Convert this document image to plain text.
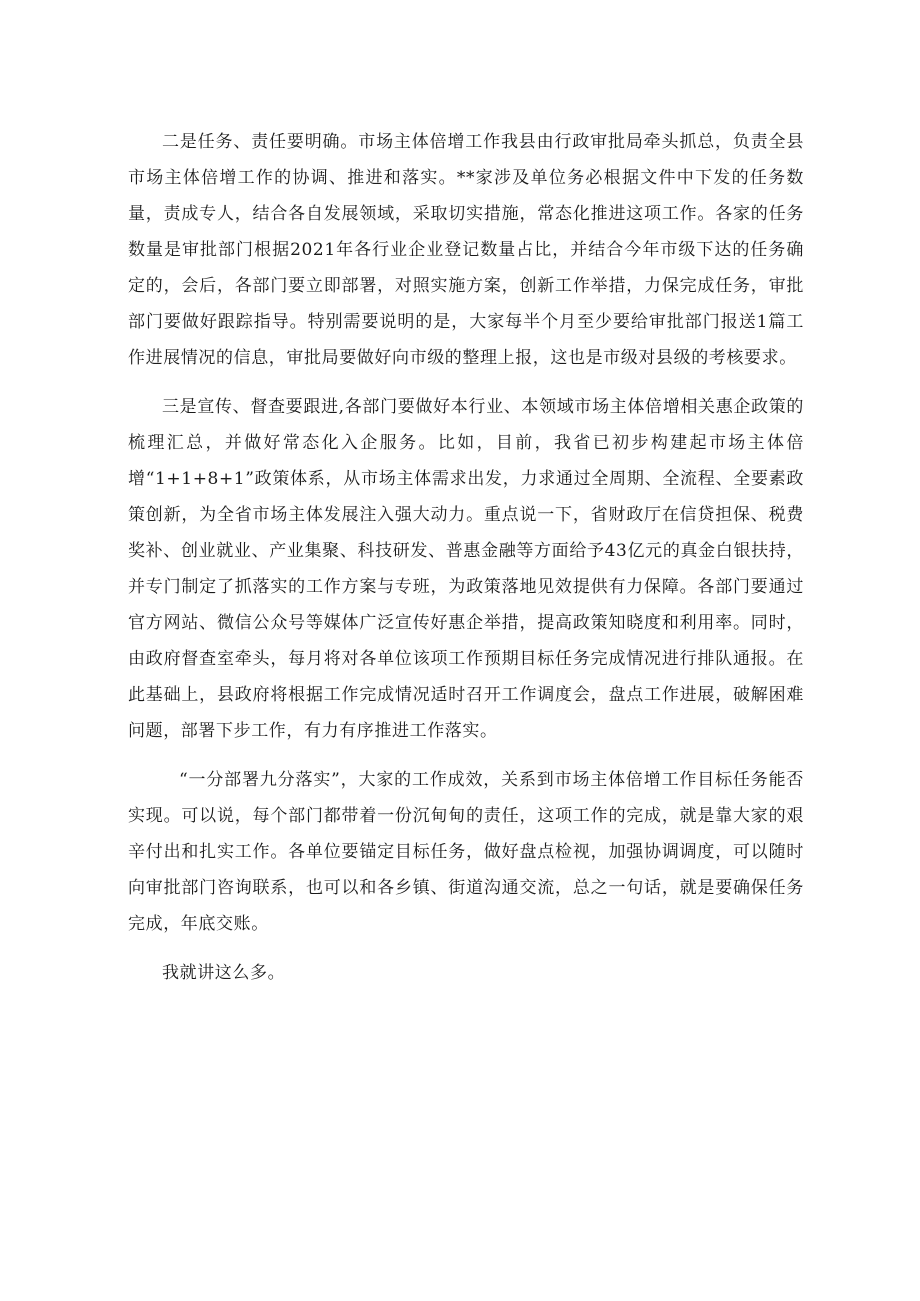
二是任务、责任要明确。市场主体倍增工作我县由行政审批局牵头抓总，负责全县市场主体倍增工作的协调、推进和落实。**家涉及单位务必根据文件中下发的任务数量，责成专人，结合各自发展领域，采取切实措施，常态化推进这项工作。各家的任务数量是审批部门根据2021年各行业企业登记数量占比，并结合今年市级下达的任务确定的，会后，各部门要立即部署，对照实施方案，创新工作举措，力保完成任务，审批部门要做好跟踪指导。特别需要说明的是，大家每半个月至少要给审批部门报送1篇工作进展情况的信息，审批局要做好向市级的整理上报，这也是市级对县级的考核要求。

三是宣传、督查要跟进,各部门要做好本行业、本领域市场主体倍增相关惠企政策的梳理汇总，并做好常态化入企服务。比如，目前，我省已初步构建起市场主体倍增“1+1+8+1”政策体系，从市场主体需求出发，力求通过全周期、全流程、全要素政策创新，为全省市场主体发展注入强大动力。重点说一下，省财政厅在信贷担保、税费奖补、创业就业、产业集聚、科技研发、普惠金融等方面给予43亿元的真金白银扶持，并专门制定了抓落实的工作方案与专班，为政策落地见效提供有力保障。各部门要通过官方网站、微信公众号等媒体广泛宣传好惠企举措，提高政策知晓度和利用率。同时，由政府督查室牵头，每月将对各单位该项工作预期目标任务完成情况进行排队通报。在此基础上，县政府将根据工作完成情况适时召开工作调度会，盘点工作进展，破解困难问题，部署下步工作，有力有序推进工作落实。

“一分部署九分落实”，大家的工作成效，关系到市场主体倍增工作目标任务能否实现。可以说，每个部门都带着一份沉甸甸的责任，这项工作的完成，就是靠大家的艰辛付出和扎实工作。各单位要锚定目标任务，做好盘点检视，加强协调调度，可以随时向审批部门咨询联系，也可以和各乡镇、街道沟通交流，总之一句话，就是要确保任务完成，年底交账。

我就讲这么多。
